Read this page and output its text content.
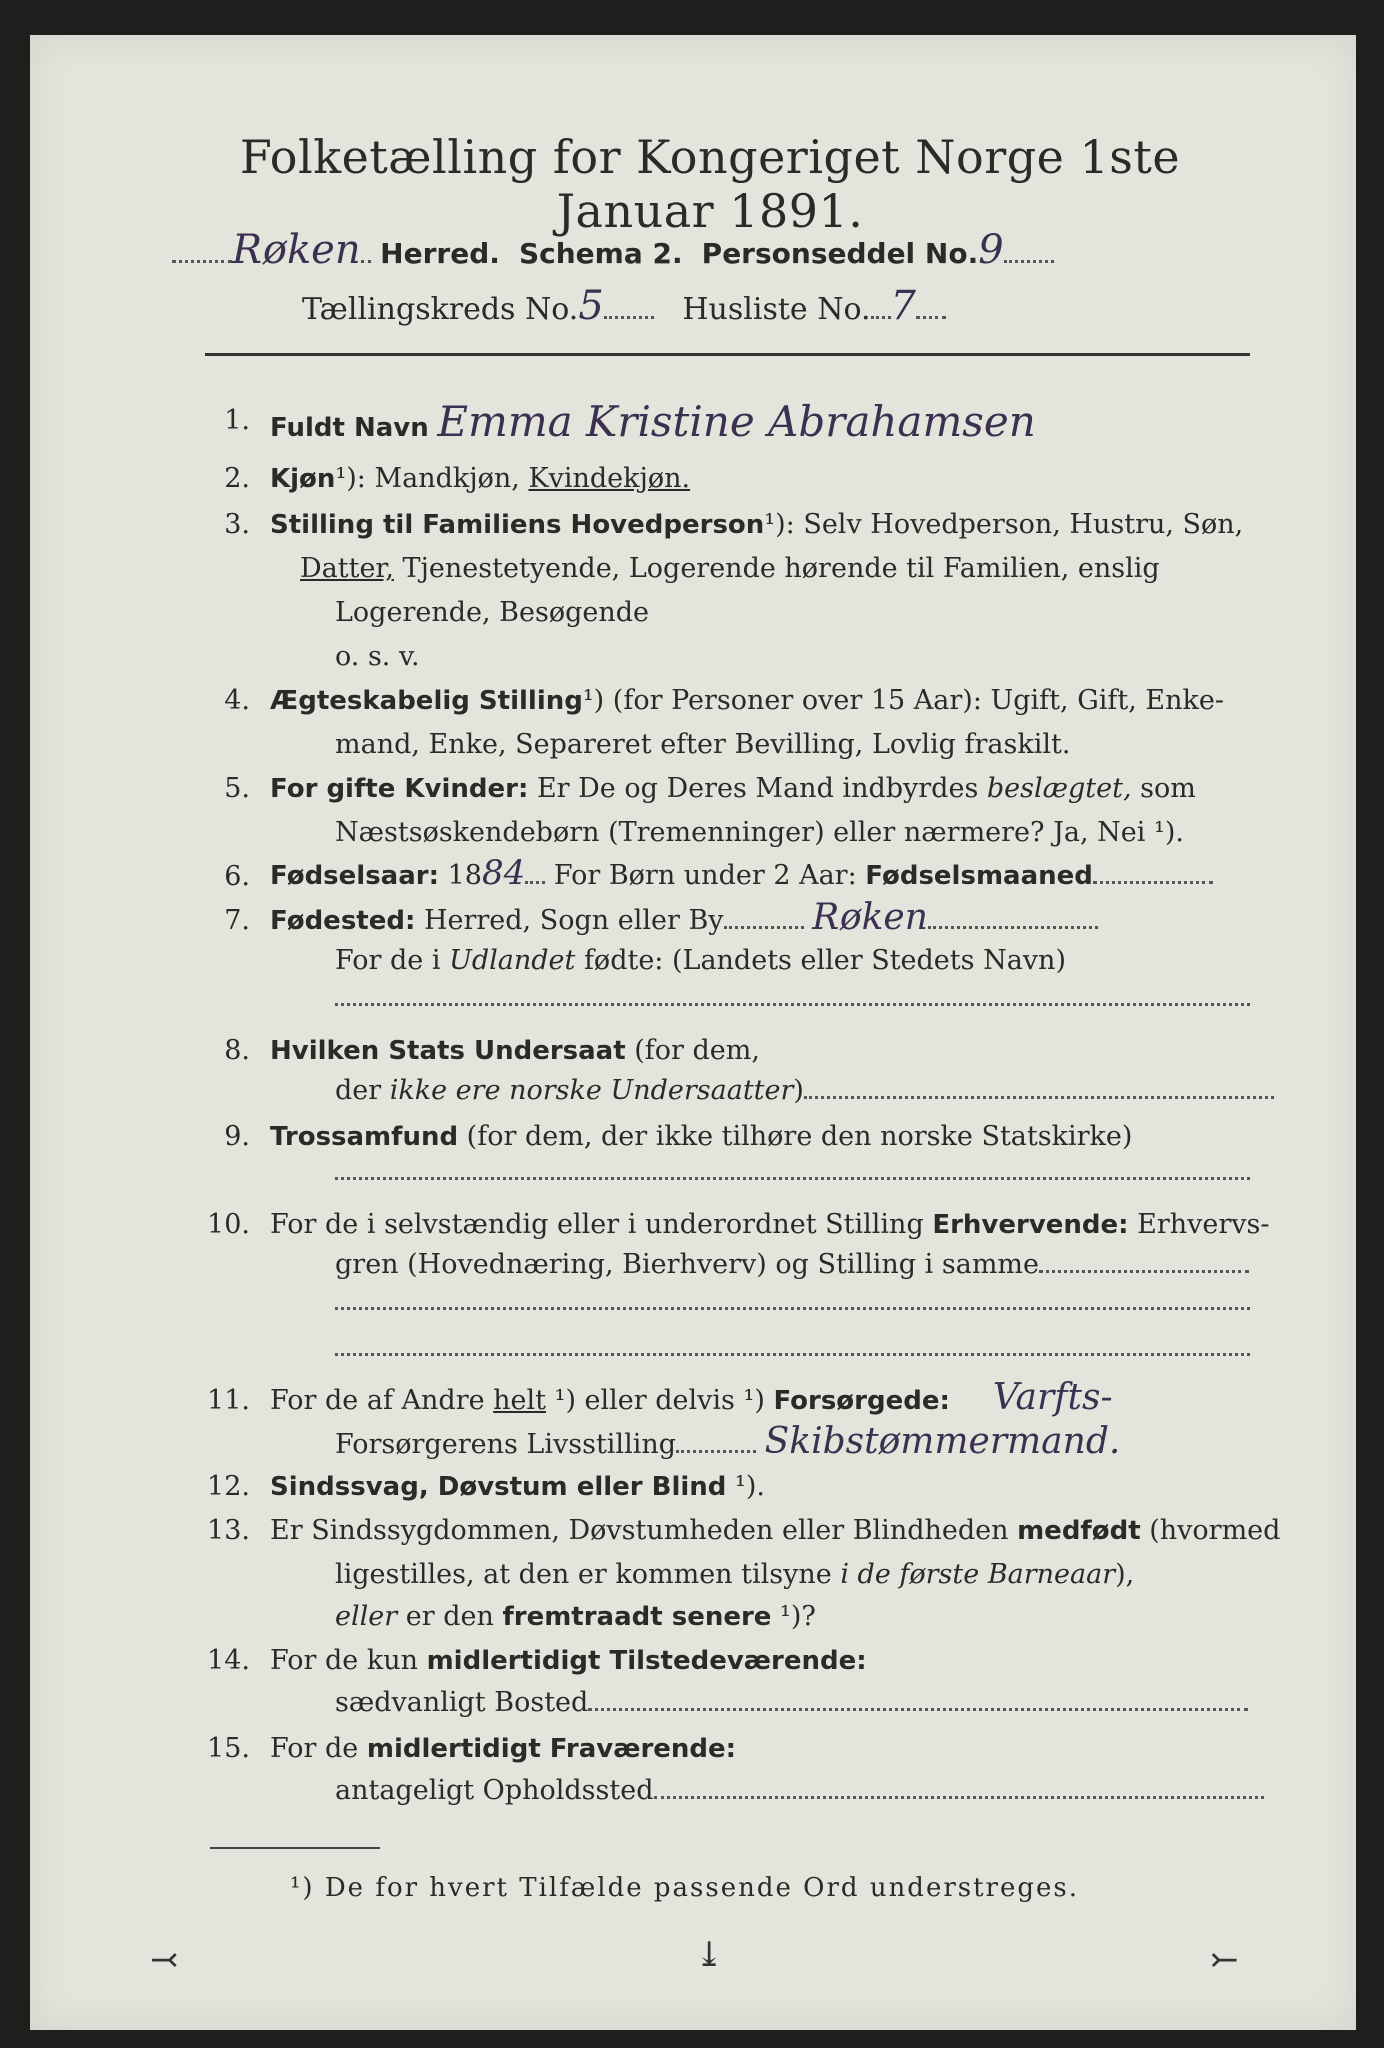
Folketælling for Kongeriget Norge 1ste Januar 1891.
Røken Herred. Schema 2. Personseddel No.9
Tællingskreds No.5	Husliste No. 7
1. Fuldt Navn Emma Kristine Abrahamsen
2. Kjøn¹): Mandkjøn, Kvindekjøn.
3. Stilling til Familiens Hovedperson¹): Selv Hovedperson, Hustru, Søn,
Datter, Tjenestetyende, Logerende hørende til Familien, enslig
Logerende, Besøgende
o. s. v.
4. Ægteskabelig Stilling¹) (for Personer over 15 Aar): Ugift, Gift, Enke-
mand, Enke, Separeret efter Bevilling, Lovlig fraskilt.
5. For gifte Kvinder: Er De og Deres Mand indbyrdes beslægtet, som
Næstsøskendebørn (Tremenninger) eller nærmere? Ja, Nei ¹).
6. Fødselsaar: 1884 For Børn under 2 Aar: Fødselsmaaned
7. Fødested: Herred, Sogn eller By Røken
For de i Udlandet fødte: (Landets eller Stedets Navn)
8. Hvilken Stats Undersaat (for dem,
der ikke ere norske Undersaatter)
9. Trossamfund (for dem, der ikke tilhøre den norske Statskirke)
10. For de i selvstændig eller i underordnet Stilling Erhvervende: Erhvervs-
gren (Hovednæring, Bierhverv) og Stilling i samme
11. For de af Andre helt ¹) eller delvis ¹) Forsørgede: Varfts-
Forsørgerens Livsstilling Skibstømmermand.
12. Sindssvag, Døvstum eller Blind ¹).
13. Er Sindssygdommen, Døvstumheden eller Blindheden medfødt (hvormed
ligestilles, at den er kommen tilsyne i de første Barneaar),
eller er den fremtraadt senere ¹)?
14. For de kun midlertidigt Tilstedeværende:
sædvanligt Bosted
15. For de midlertidigt Fraværende:
antageligt Opholdssted
¹) De for hvert Tilfælde passende Ord understreges.
⤙	⤓	⤚
